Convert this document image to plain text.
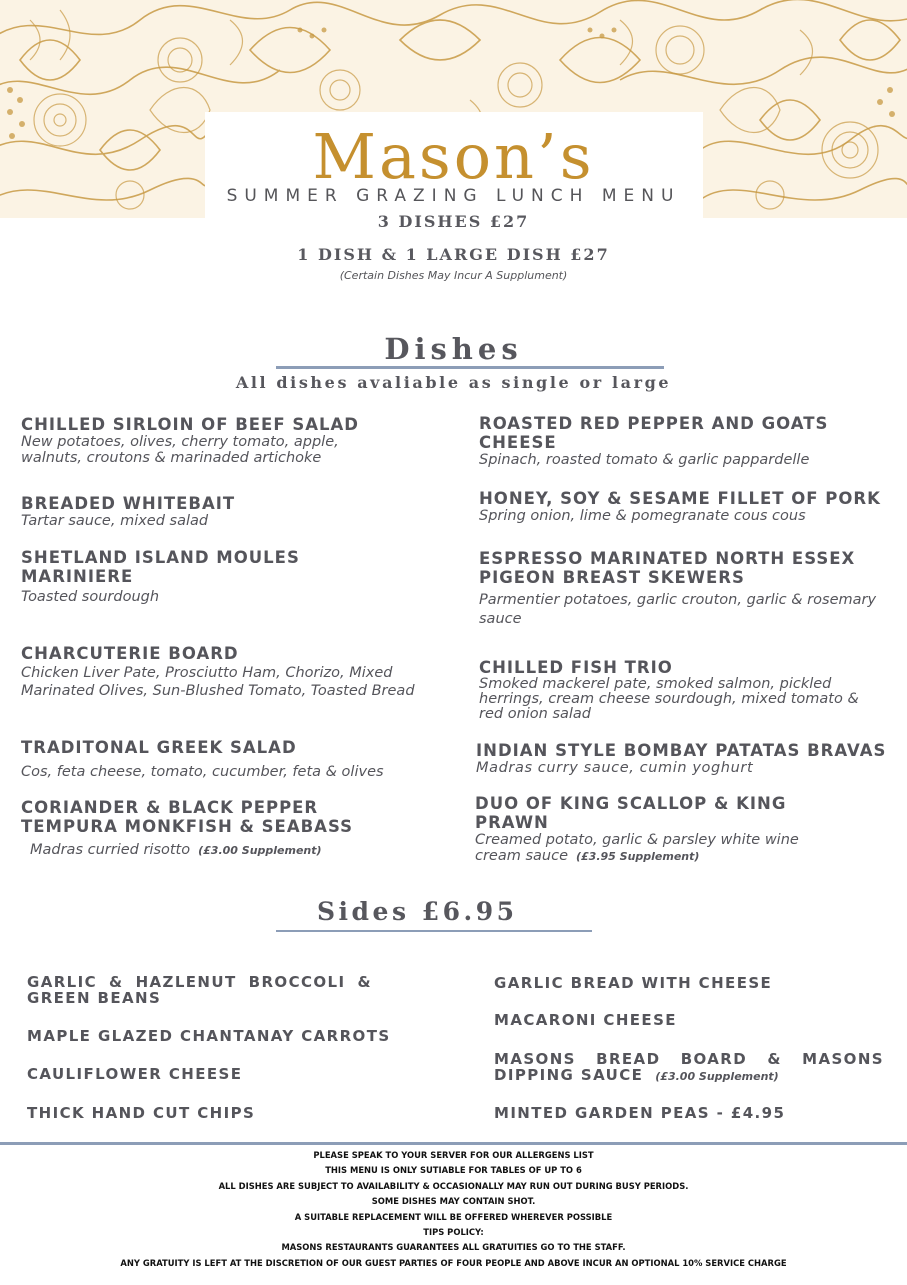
Mason’s
SUMMER GRAZING LUNCH MENU
3 DISHES £27
1 DISH & 1 LARGE DISH £27
(Certain Dishes May Incur A Supplument)
Dishes
All dishes avaliable as single or large
CHILLED SIRLOIN OF BEEF SALAD
New potatoes, olives, cherry tomato, apple, walnuts, croutons & marinaded artichoke
BREADED WHITEBAIT
Tartar sauce, mixed salad
SHETLAND ISLAND MOULES MARINIERE
Toasted sourdough
CHARCUTERIE BOARD
Chicken Liver Pate, Prosciutto Ham, Chorizo, Mixed Marinated Olives, Sun-Blushed Tomato, Toasted Bread
TRADITONAL GREEK SALAD
Cos, feta cheese, tomato, cucumber, feta & olives
CORIANDER & BLACK PEPPER TEMPURA MONKFISH & SEABASS
Madras curried risotto (£3.00 Supplement)
ROASTED RED PEPPER AND GOATS CHEESE
Spinach, roasted tomato & garlic pappardelle
HONEY, SOY & SESAME FILLET OF PORK
Spring onion, lime & pomegranate cous cous
ESPRESSO MARINATED NORTH ESSEX PIGEON BREAST SKEWERS
Parmentier potatoes, garlic crouton, garlic & rosemary sauce
CHILLED FISH TRIO
Smoked mackerel pate, smoked salmon, pickled herrings, cream cheese sourdough, mixed tomato & red onion salad
INDIAN STYLE BOMBAY PATATAS BRAVAS
Madras curry sauce, cumin yoghurt
DUO OF KING SCALLOP & KING PRAWN
Creamed potato, garlic & parsley white wine cream sauce (£3.95 Supplement)
Sides £6.95
GARLIC & HAZLENUT BROCCOLI & GREEN BEANS
MAPLE GLAZED CHANTANAY CARROTS
CAULIFLOWER CHEESE
THICK HAND CUT CHIPS
GARLIC BREAD WITH CHEESE
MACARONI CHEESE
MASONS BREAD BOARD & MASONS DIPPING SAUCE (£3.00 Supplement)
MINTED GARDEN PEAS - £4.95

PLEASE SPEAK TO YOUR SERVER FOR OUR ALLERGENS LIST

THIS MENU IS ONLY SUTIABLE FOR TABLES OF UP TO 6

ALL DISHES ARE SUBJECT TO AVAILABILITY & OCCASIONALLY MAY RUN OUT DURING BUSY PERIODS.

SOME DISHES MAY CONTAIN SHOT.

A SUITABLE REPLACEMENT WILL BE OFFERED WHEREVER POSSIBLE

TIPS POLICY:

MASONS RESTAURANTS GUARANTEES ALL GRATUITIES GO TO THE STAFF.

ANY GRATUITY IS LEFT AT THE DISCRETION OF OUR GUEST PARTIES OF FOUR PEOPLE AND ABOVE INCUR AN OPTIONAL 10% SERVICE CHARGE
